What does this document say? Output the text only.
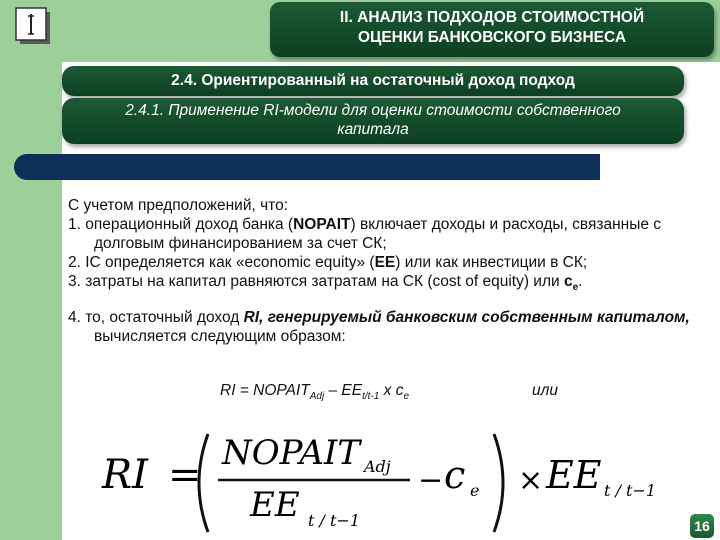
II. АНАЛИЗ ПОДХОДОВ СТОИМОСТНОЙ
ОЦЕНКИ БАНКОВСКОГО БИЗНЕСА
2.4. Ориентированный на остаточный доход подход
2.4.1. Применение RI-модели для оценки стоимости собственного
капитала

С учетом предположений, что:

1. операционный доход банка (NOPAIT) включает доходы и расходы, связанные с долговым финансированием за счет СК;

2. IC определяется как «economic equity» (EE) или как инвестиции в СК;

3. затраты на капитал равняются затратам на СК (cost of equity) или $c_e$.

4. то, остаточный доход RI, генерируемый банковским собственным капиталом, вычисляется следующим образом:

RI = $NOPAIT_{Adj} - EE_{t/t-1}$ х $с_e$	или
RI = NOPAIT Adj
EE t / t−1
− c e × EE t / t−1
16
